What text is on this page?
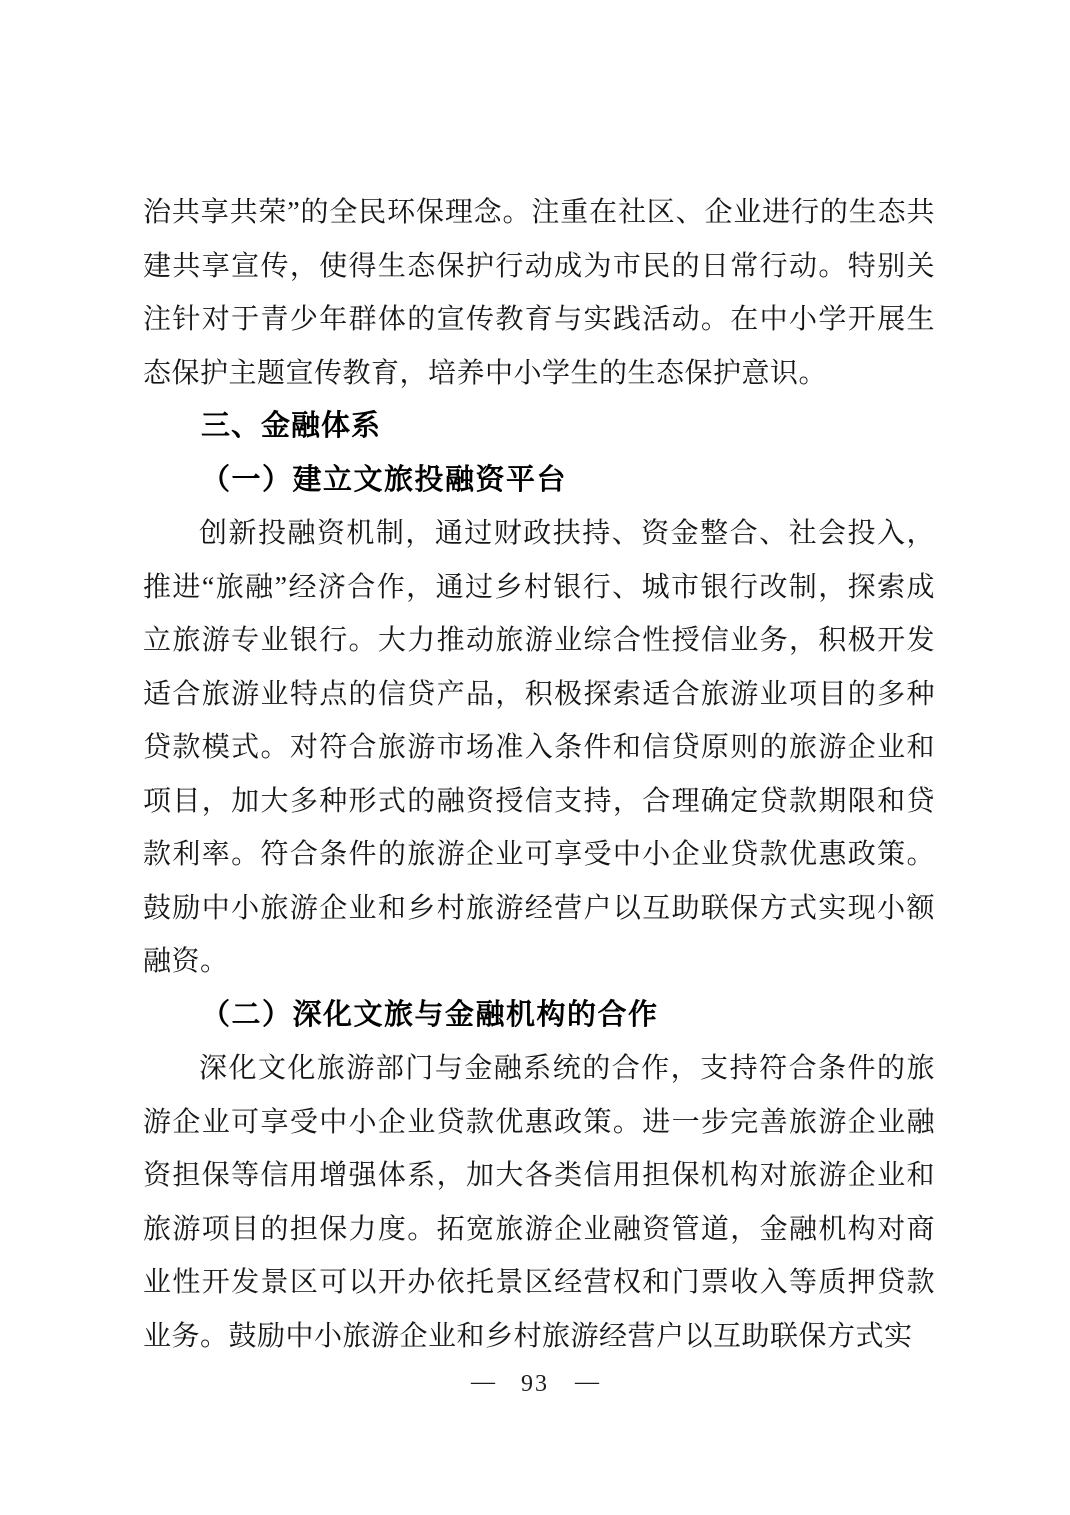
治共享共荣”的全民环保理念。注重在社区、企业进行的生态共建共享宣传，使得生态保护行动成为市民的日常行动。特别关注针对于青少年群体的宣传教育与实践活动。在中小学开展生态保护主题宣传教育，培养中小学生的生态保护意识。

三、金融体系
（一）建立文旅投融资平台

创新投融资机制，通过财政扶持、资金整合、社会投入，推进“旅融”经济合作，通过乡村银行、城市银行改制，探索成立旅游专业银行。大力推动旅游业综合性授信业务，积极开发适合旅游业特点的信贷产品，积极探索适合旅游业项目的多种贷款模式。对符合旅游市场准入条件和信贷原则的旅游企业和项目，加大多种形式的融资授信支持，合理确定贷款期限和贷款利率。符合条件的旅游企业可享受中小企业贷款优惠政策。鼓励中小旅游企业和乡村旅游经营户以互助联保方式实现小额融资。

（二）深化文旅与金融机构的合作

深化文化旅游部门与金融系统的合作，支持符合条件的旅游企业可享受中小企业贷款优惠政策。进一步完善旅游企业融资担保等信用增强体系，加大各类信用担保机构对旅游企业和旅游项目的担保力度。拓宽旅游企业融资管道，金融机构对商业性开发景区可以开办依托景区经营权和门票收入等质押贷款业务。鼓励中小旅游企业和乡村旅游经营户以互助联保方式实

— 93 —
